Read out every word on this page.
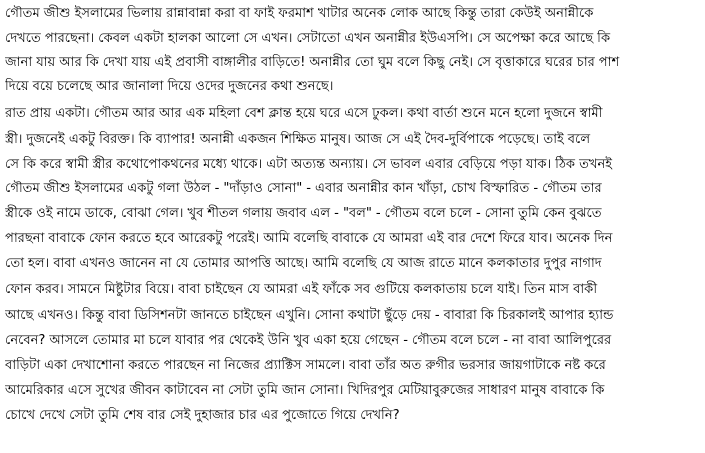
গৌতম জীশু ইসলামের ভিলায় রান্নাবান্না করা বা ফাই ফরমাশ খাটার অনেক লোক আছে কিন্তু তারা কেউই অনান্নীকে
দেখতে পারছেনা। কেবল একটা হালকা আলো সে এখন। সেটাতো এখন অনান্নীর ইউএসপি। সে অপেক্ষা করে আছে কি
জানা যায় আর কি দেখা যায় এই প্রবাসী বাঙ্গালীর বাড়িতে! অনান্নীর তো ঘুম বলে কিছু নেই। সে বৃত্তাকারে ঘরের চার পাশ
দিয়ে বয়ে চলেছে আর জানালা দিয়ে ওদের দুজনের কথা শুনছে।
রাত প্রায় একটা। গৌতম আর আর এক মহিলা বেশ ক্লান্ত হয়ে ঘরে এসে ঢুকল। কথা বার্তা শুনে মনে হলো দুজনে স্বামী
স্ত্রী। দুজনেই একটু বিরক্ত। কি ব্যাপার! অনান্নী একজন শিক্ষিত মানুষ। আজ সে এই দৈব-দুর্বিপাকে পড়েছে। তাই বলে
সে কি করে স্বামী স্ত্রীর কথোপোকথনের মধ্যে থাকে। এটা অত্যন্ত অন্যায়। সে ভাবল এবার বেড়িয়ে পড়া যাক। ঠিক তখনই
গৌতম জীশু ইসলামের একটু গলা উঠল - "দাঁড়াও সোনা" - এবার অনান্নীর কান খাঁড়া, চোখ বিস্ফারিত - গৌতম তার
স্ত্রীকে ওই নামে ডাকে, বোঝা গেল। খুব শীতল গলায় জবাব এল - "বল" - গৌতম বলে চলে - সোনা তুমি কেন বুঝতে
পারছনা বাবাকে ফোন করতে হবে আরেকটু পরেই। আমি বলেছি বাবাকে যে আমরা এই বার দেশে ফিরে যাব। অনেক দিন
তো হল। বাবা এখনও জানেন না যে তোমার আপত্তি আছে। আমি বলেছি যে আজ রাতে মানে কলকাতার দুপুর নাগাদ
ফোন করব। সামনে মিষ্টুটার বিয়ে। বাবা চাইছেন যে আমরা এই ফাঁকে সব গুটিয়ে কলকাতায় চলে যাই। তিন মাস বাকী
আছে এখনও। কিন্তু বাবা ডিসিশনটা জানতে চাইছেন এখুনি। সোনা কথাটা ছুঁড়ে দেয় - বাবারা কি চিরকালই আপার হ্যান্ড
নেবেন? আসলে তোমার মা চলে যাবার পর থেকেই উনি খুব একা হয়ে গেছেন - গৌতম বলে চলে - না বাবা আলিপুরের
বাড়িটা একা দেখাশোনা করতে পারছেন না নিজের প্র্যাক্টিস সামলে। বাবা তাঁর অত রুগীর ভরসার জায়গাটাকে নষ্ট করে
আমেরিকার এসে সুখের জীবন কাটাবেন না সেটা তুমি জান সোনা। খিদিরপুর মেটিয়াবুরুজের সাধারণ মানুষ বাবাকে কি
চোখে দেখে সেটা তুমি শেষ বার সেই দুহাজার চার এর পুজোতে গিয়ে দেখনি?
